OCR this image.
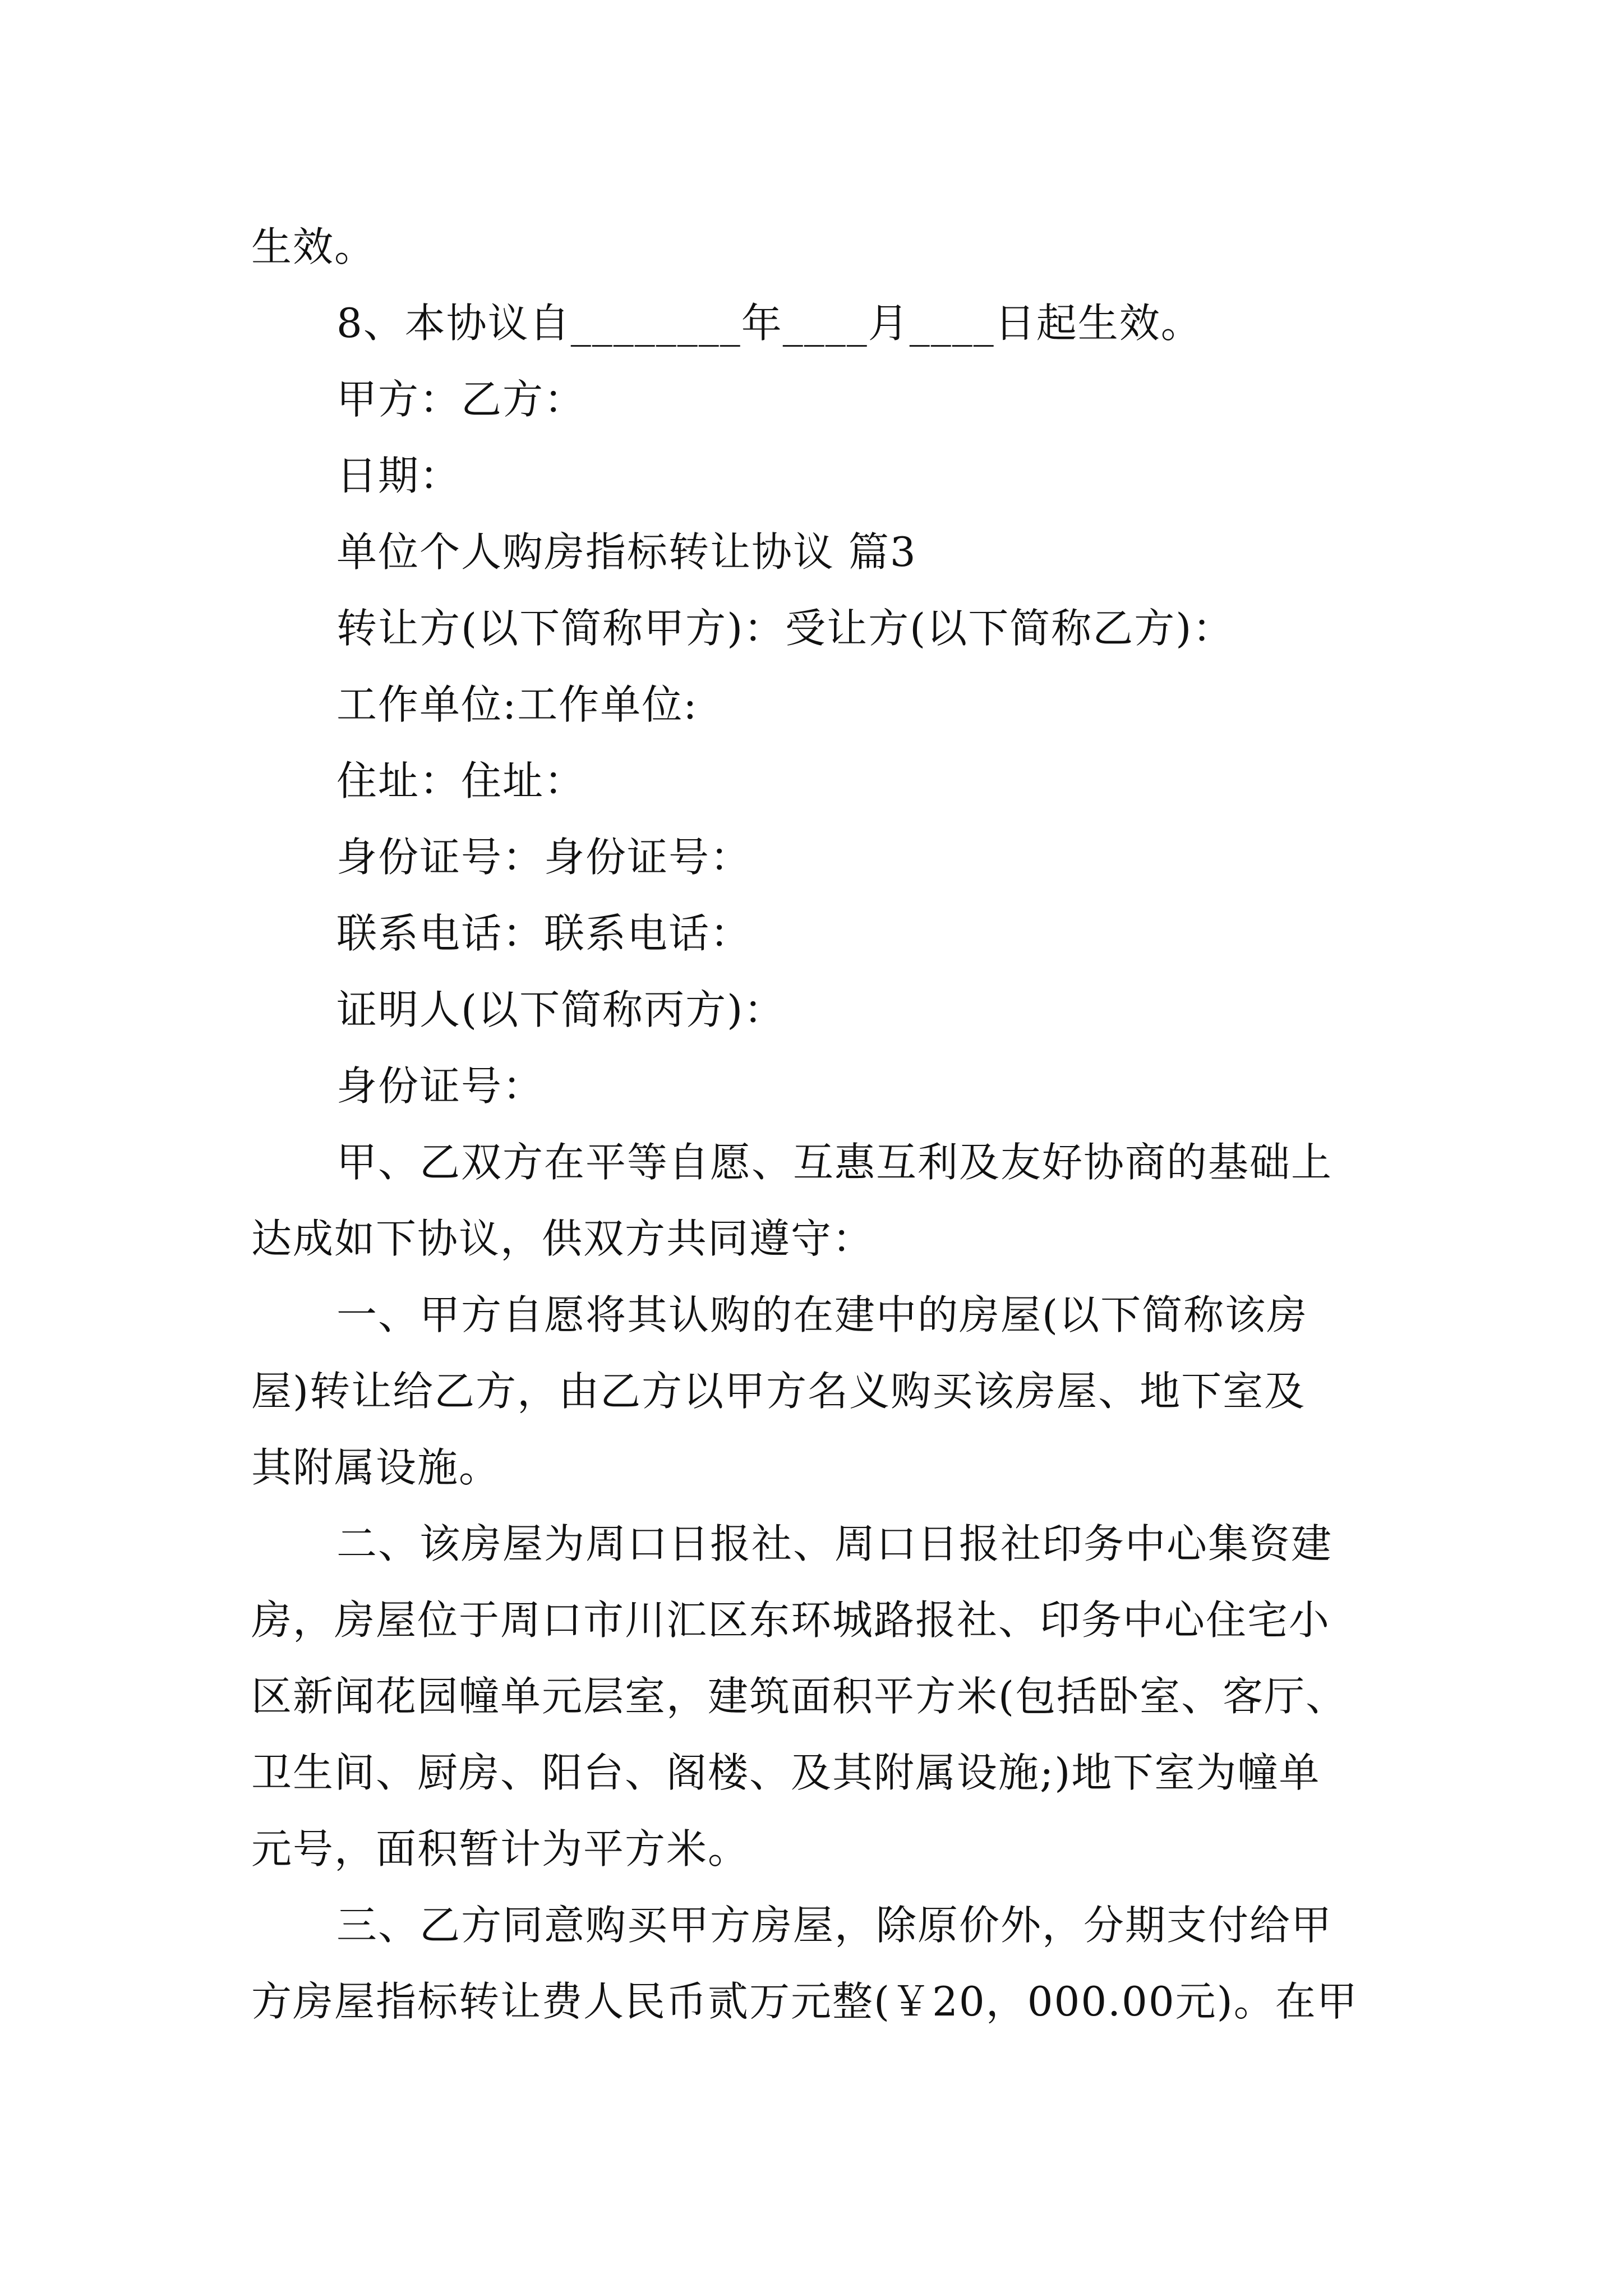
生效。
8、本协议自________年____月____日起生效。
甲方：乙方：
日期：
单位个人购房指标转让协议 篇3
转让方(以下简称甲方)：受让方(以下简称乙方)：
工作单位:工作单位:
住址：住址：
身份证号：身份证号：
联系电话：联系电话：
证明人(以下简称丙方)：
身份证号：
甲、乙双方在平等自愿、互惠互利及友好协商的基础上
达成如下协议，供双方共同遵守：
一、甲方自愿将其认购的在建中的房屋(以下简称该房
屋)转让给乙方，由乙方以甲方名义购买该房屋、地下室及
其附属设施。
二、该房屋为周口日报社、周口日报社印务中心集资建
房，房屋位于周口市川汇区东环城路报社、印务中心住宅小
区新闻花园幢单元层室，建筑面积平方米(包括卧室、客厅、
卫生间、厨房、阳台、阁楼、及其附属设施;)地下室为幢单
元号，面积暂计为平方米。
三、乙方同意购买甲方房屋，除原价外，分期支付给甲
方房屋指标转让费人民币贰万元整(￥20，000.00元)。在甲
